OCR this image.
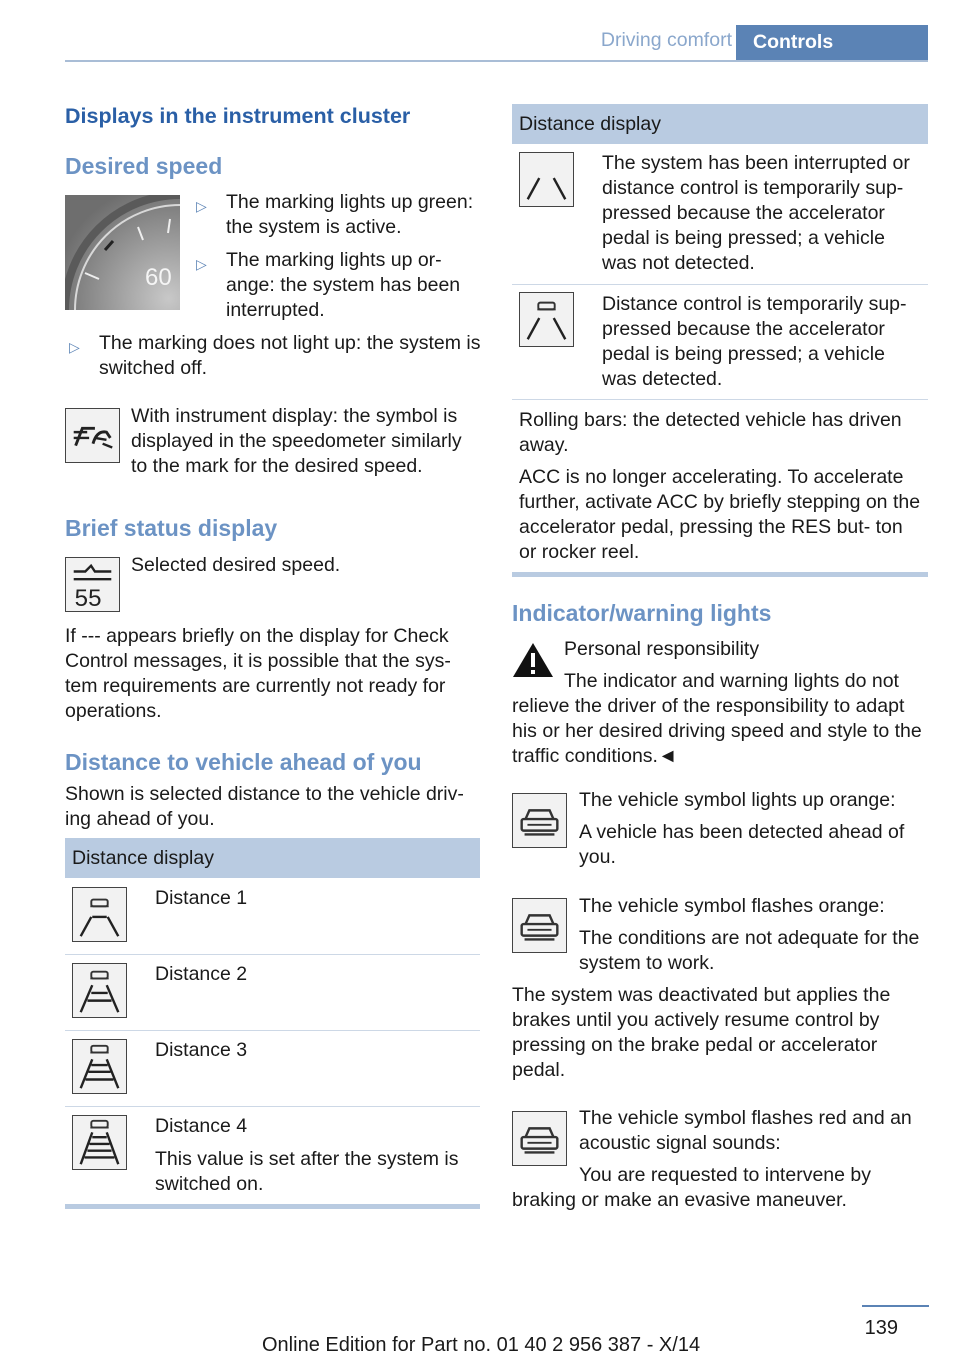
Driving comfort	Controls
Displays in the instrument cluster
Desired speed
60
▷ The marking lights up green: the system is active.
▷ The marking lights up or- ange: the system has been interrupted.
▷ The marking does not light up: the system is switched off.
With instrument display: the symbol is displayed in the speedometer similarly to the mark for the desired speed.
Brief status display
55
Selected desired speed.
If --- appears briefly on the display for Check Control messages, it is possible that the sys- tem requirements are currently not ready for operations.
Distance to vehicle ahead of you
Shown is selected distance to the vehicle driv- ing ahead of you.
Distance display
Distance 1
Distance 2
Distance 3
Distance 4
This value is set after the system is switched on.
Distance display
The system has been interrupted or distance control is temporarily sup- pressed because the accelerator pedal is being pressed; a vehicle was not detected.
Distance control is temporarily sup- pressed because the accelerator pedal is being pressed; a vehicle was detected.
Rolling bars: the detected vehicle has driven away.
ACC is no longer accelerating. To accelerate further, activate ACC by briefly stepping on the accelerator pedal, pressing the RES but- ton or rocker reel.
Indicator/warning lights
Personal responsibility
The indicator and warning lights do not relieve the driver of the responsibility to adapt his or her desired driving speed and style to the traffic conditions.◄
The vehicle symbol lights up orange:
A vehicle has been detected ahead of you.
The vehicle symbol flashes orange:
The conditions are not adequate for the system to work.
The system was deactivated but applies the brakes until you actively resume control by pressing on the brake pedal or accelerator pedal.
The vehicle symbol flashes red and an acoustic signal sounds:
You are requested to intervene by braking or make an evasive maneuver.
139
Online Edition for Part no. 01 40 2 956 387 - X/14
